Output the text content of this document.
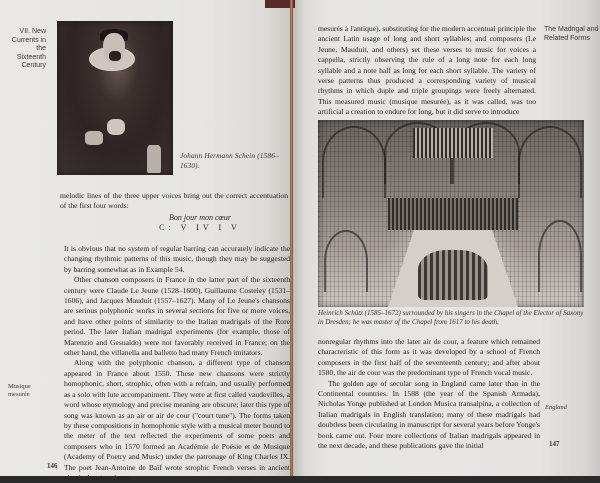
VII. New Currents in the Sixteenth Century
Johann Hermann Schein (1586–1630).

melodic lines of the three upper voices bring out the correct accentuation of the first four words:

Bon jour mon cœur
C: V IV I V

It is obvious that no system of regular barring can accurately indicate the changing rhythmic patterns of this music, though they may be suggested by barring somewhat as in Example 54.

Other chanson composers in France in the latter part of the sixteenth century were Claude Le Jeune (1528–1600), Guillaume Costeley (1531–1606), and Jacques Mauduit (1557–1627). Many of Le Jeune's chansons are serious polyphonic works in several sections for five or more voices, and have other points of similarity to the Italian madrigals of the Rore period. The later Italian madrigal experiments (for example, those of Marenzio and Gesualdo) were not favorably received in France; on the other hand, the villanella and balletto had many French imitators.

Along with the polyphonic chanson, a different type of chanson appeared in France about 1550. These new chansons were strictly homophonic, short, strophic, often with a refrain, and usually performed as a solo with lute accompaniment. They were at first called vaudevilles, a word whose etymology and precise meaning are obscure; later this type of song was known as an air or air de cour ("court tune"). The forms taken by these compositions in homophonic style with a musical meter bound to the meter of the text reflected the experiments of some poets and composers who in 1570 formed an Académie de Poésie et de Musique (Academy of Poetry and Music) under the patronage of King Charles IX. The poet Jean-Antoine de Baïf wrote strophic French verses in ancient classical meters (vers

Musique mesurée
146
The Madrigal and Related Forms

mesurés à l'antique), substituting for the modern accentual principle the ancient Latin usage of long and short syllables; and composers (Le Jeune, Mauduit, and others) set these verses to music for voices a cappella, strictly observing the rule of a long note for each long syllable and a note half as long for each short syllable. The variety of verse patterns thus produced a corresponding variety of musical rhythms in which duple and triple groupings were freely alternated. This measured music (musique mesurée), as it was called, was too artificial a creation to endure for long, but it did serve to introduce

Heinrich Schütz (1585–1672) surrounded by his singers in the Chapel of the Elector of Saxony in Dresden; he was master of the Chapel from 1617 to his death.

nonregular rhythms into the later air de cour, a feature which remained characteristic of this form as it was developed by a school of French composers in the first half of the seventeenth century; and after about 1580, the air de cour was the predominant type of French vocal music.

The golden age of secular song in England came later than in the Continental countries. In 1588 (the year of the Spanish Armada), Nicholas Yonge published at London Musica transalpina, a collection of Italian madrigals in English translation; many of these madrigals had doubtless been circulating in manuscript for several years before Yonge's book came out. Four more collections of Italian madrigals appeared in the next decade, and these publications gave the initial

England
147
